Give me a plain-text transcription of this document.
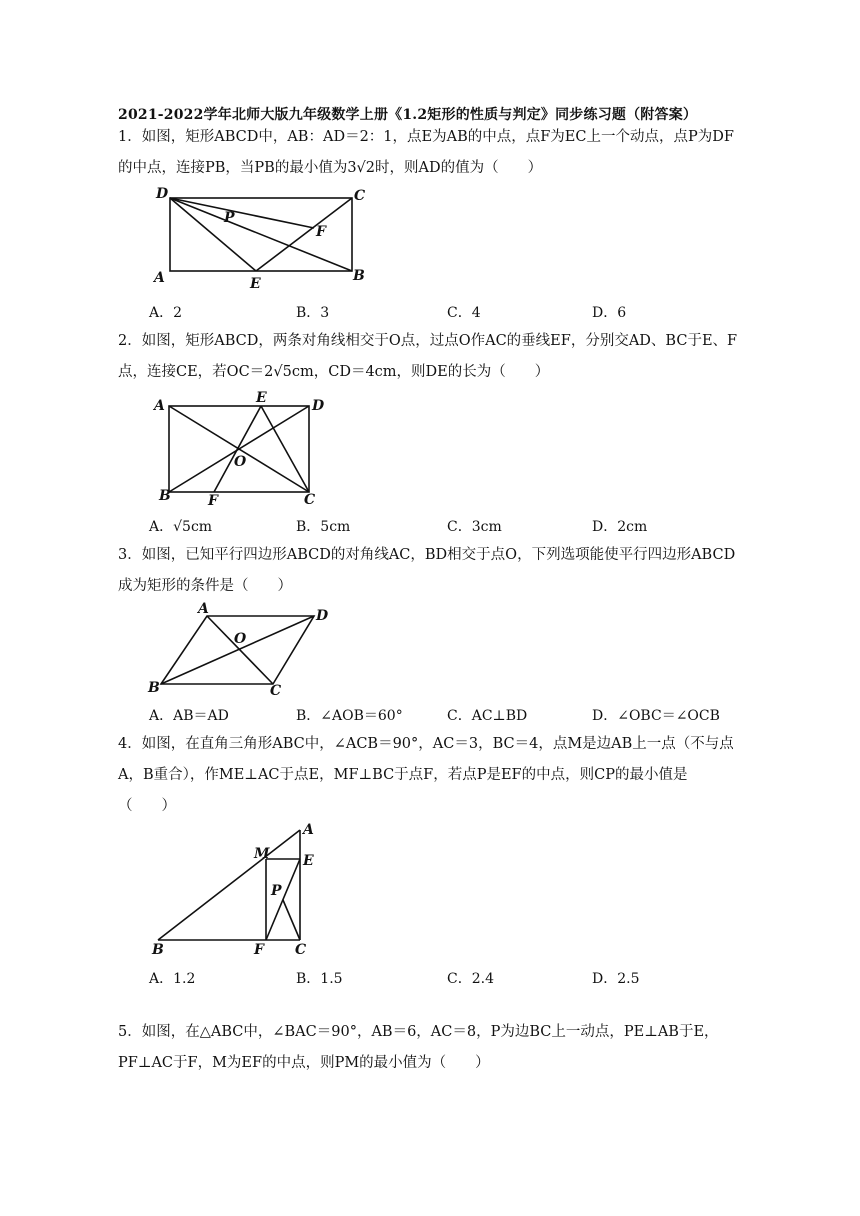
2021-2022学年北师大版九年级数学上册《1.2矩形的性质与判定》同步练习题（附答案）
1．如图，矩形ABCD中，AB：AD＝2：1，点E为AB的中点，点F为EC上一个动点，点P为DF的中点，连接PB，当PB的最小值为3√2时，则AD的值为（　　）
D	C
P
F
A	E	B
A．2	B．3	C．4	D．6
2．如图，矩形ABCD，两条对角线相交于O点，过点O作AC的垂线EF，分别交AD、BC于E、F点，连接CE，若OC＝2√5cm，CD＝4cm，则DE的长为（　　）
A	E	D
O
B	F	C
A．√5cm	B．5cm	C．3cm	D．2cm
3．如图，已知平行四边形ABCD的对角线AC，BD相交于点O，下列选项能使平行四边形ABCD成为矩形的条件是（　　）
A	D
O
B	C
A．AB＝AD	B．∠AOB＝60°	C．AC⊥BD	D．∠OBC＝∠OCB
4．如图，在直角三角形ABC中，∠ACB＝90°，AC＝3，BC＝4，点M是边AB上一点（不与点A，B重合），作ME⊥AC于点E，MF⊥BC于点F，若点P是EF的中点，则CP的最小值是（　　）
A
M E
P
B	F C
A．1.2	B．1.5	C．2.4	D．2.5
5．如图，在△ABC中，∠BAC＝90°，AB＝6，AC＝8，P为边BC上一动点，PE⊥AB于E，PF⊥AC于F，M为EF的中点，则PM的最小值为（　　）
